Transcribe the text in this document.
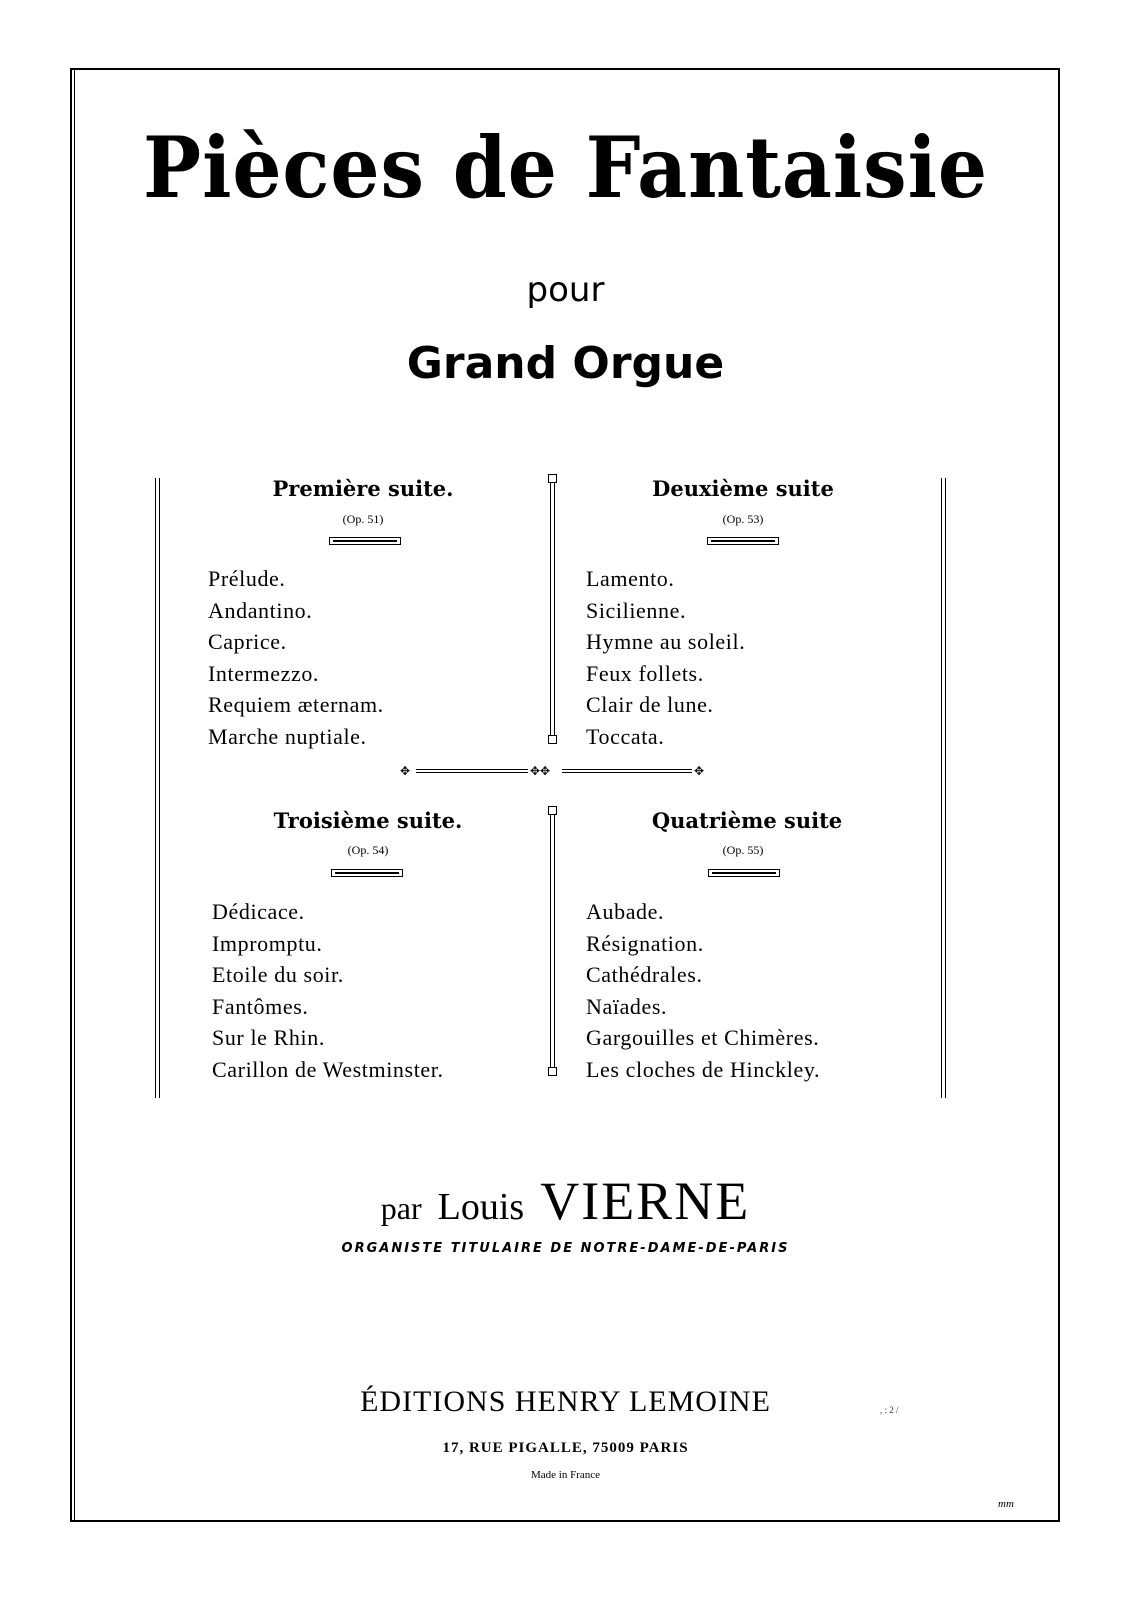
Pièces de Fantaisie
pour
Grand Orgue
✥	✥✥	✥
Première suite.
(Op. 51)
Prélude.
Andantino.
Caprice.
Intermezzo.
Requiem æternam.
Marche nuptiale.
Deuxième suite
(Op. 53)
Lamento.
Sicilienne.
Hymne au soleil.
Feux follets.
Clair de lune.
Toccata.
Troisième suite.
(Op. 54)
Dédicace.
Impromptu.
Etoile du soir.
Fantômes.
Sur le Rhin.
Carillon de Westminster.
Quatrième suite
(Op. 55)
Aubade.
Résignation.
Cathédrales.
Naïades.
Gargouilles et Chimères.
Les cloches de Hinckley.
par Louis VIERNE
ORGANISTE TITULAIRE DE NOTRE-DAME-DE-PARIS
ÉDITIONS HENRY LEMOINE
17, RUE PIGALLE, 75009 PARIS
Made in France
, : 2 /
mm
